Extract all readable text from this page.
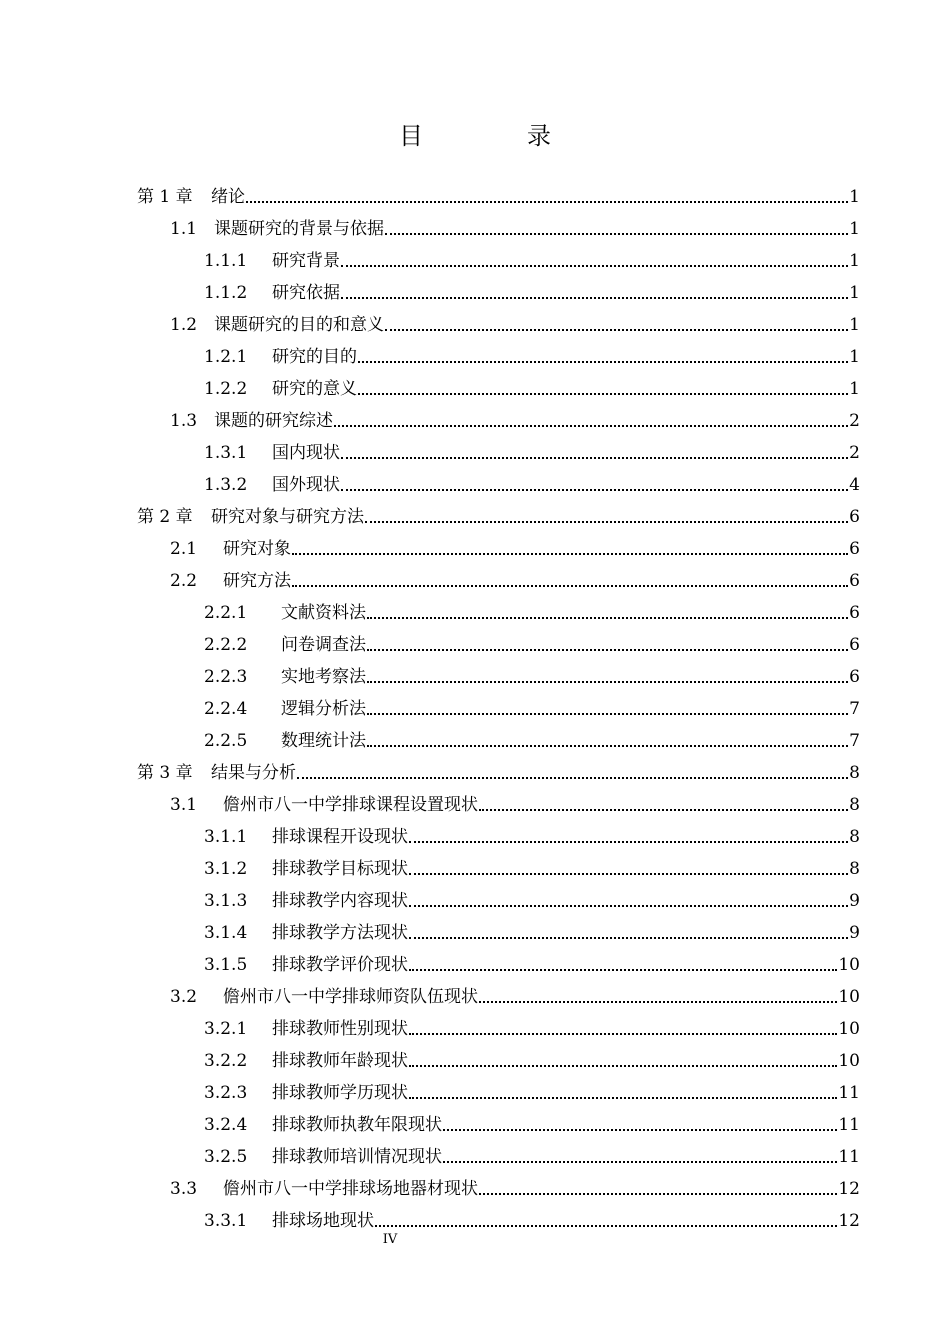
目　录
第 1 章	绪论	1
1.1 课题研究的背景与依据	1
1.1.1	研究背景	1
1.1.2	研究依据	1
1.2 课题研究的目的和意义	1
1.2.1	研究的目的	1
1.2.2	研究的意义	1
1.3 课题的研究综述	2
1.3.1	国内现状	2
1.3.2	国外现状	4
第 2 章	研究对象与研究方法	6
2.1	研究对象	6
2.2	研究方法	6
2.2.1	文献资料法	6
2.2.2	问卷调查法	6
2.2.3	实地考察法	6
2.2.4	逻辑分析法	7
2.2.5	数理统计法	7
第 3 章	结果与分析	8
3.1	儋州市八一中学排球课程设置现状	8
3.1.1	排球课程开设现状	8
3.1.2	排球教学目标现状	8
3.1.3	排球教学内容现状	9
3.1.4	排球教学方法现状	9
3.1.5	排球教学评价现状	10
3.2	儋州市八一中学排球师资队伍现状	10
3.2.1	排球教师性别现状	10
3.2.2	排球教师年龄现状	10
3.2.3	排球教师学历现状	11
3.2.4	排球教师执教年限现状	11
3.2.5	排球教师培训情况现状	11
3.3	儋州市八一中学排球场地器材现状	12
3.3.1	排球场地现状	12
IV
